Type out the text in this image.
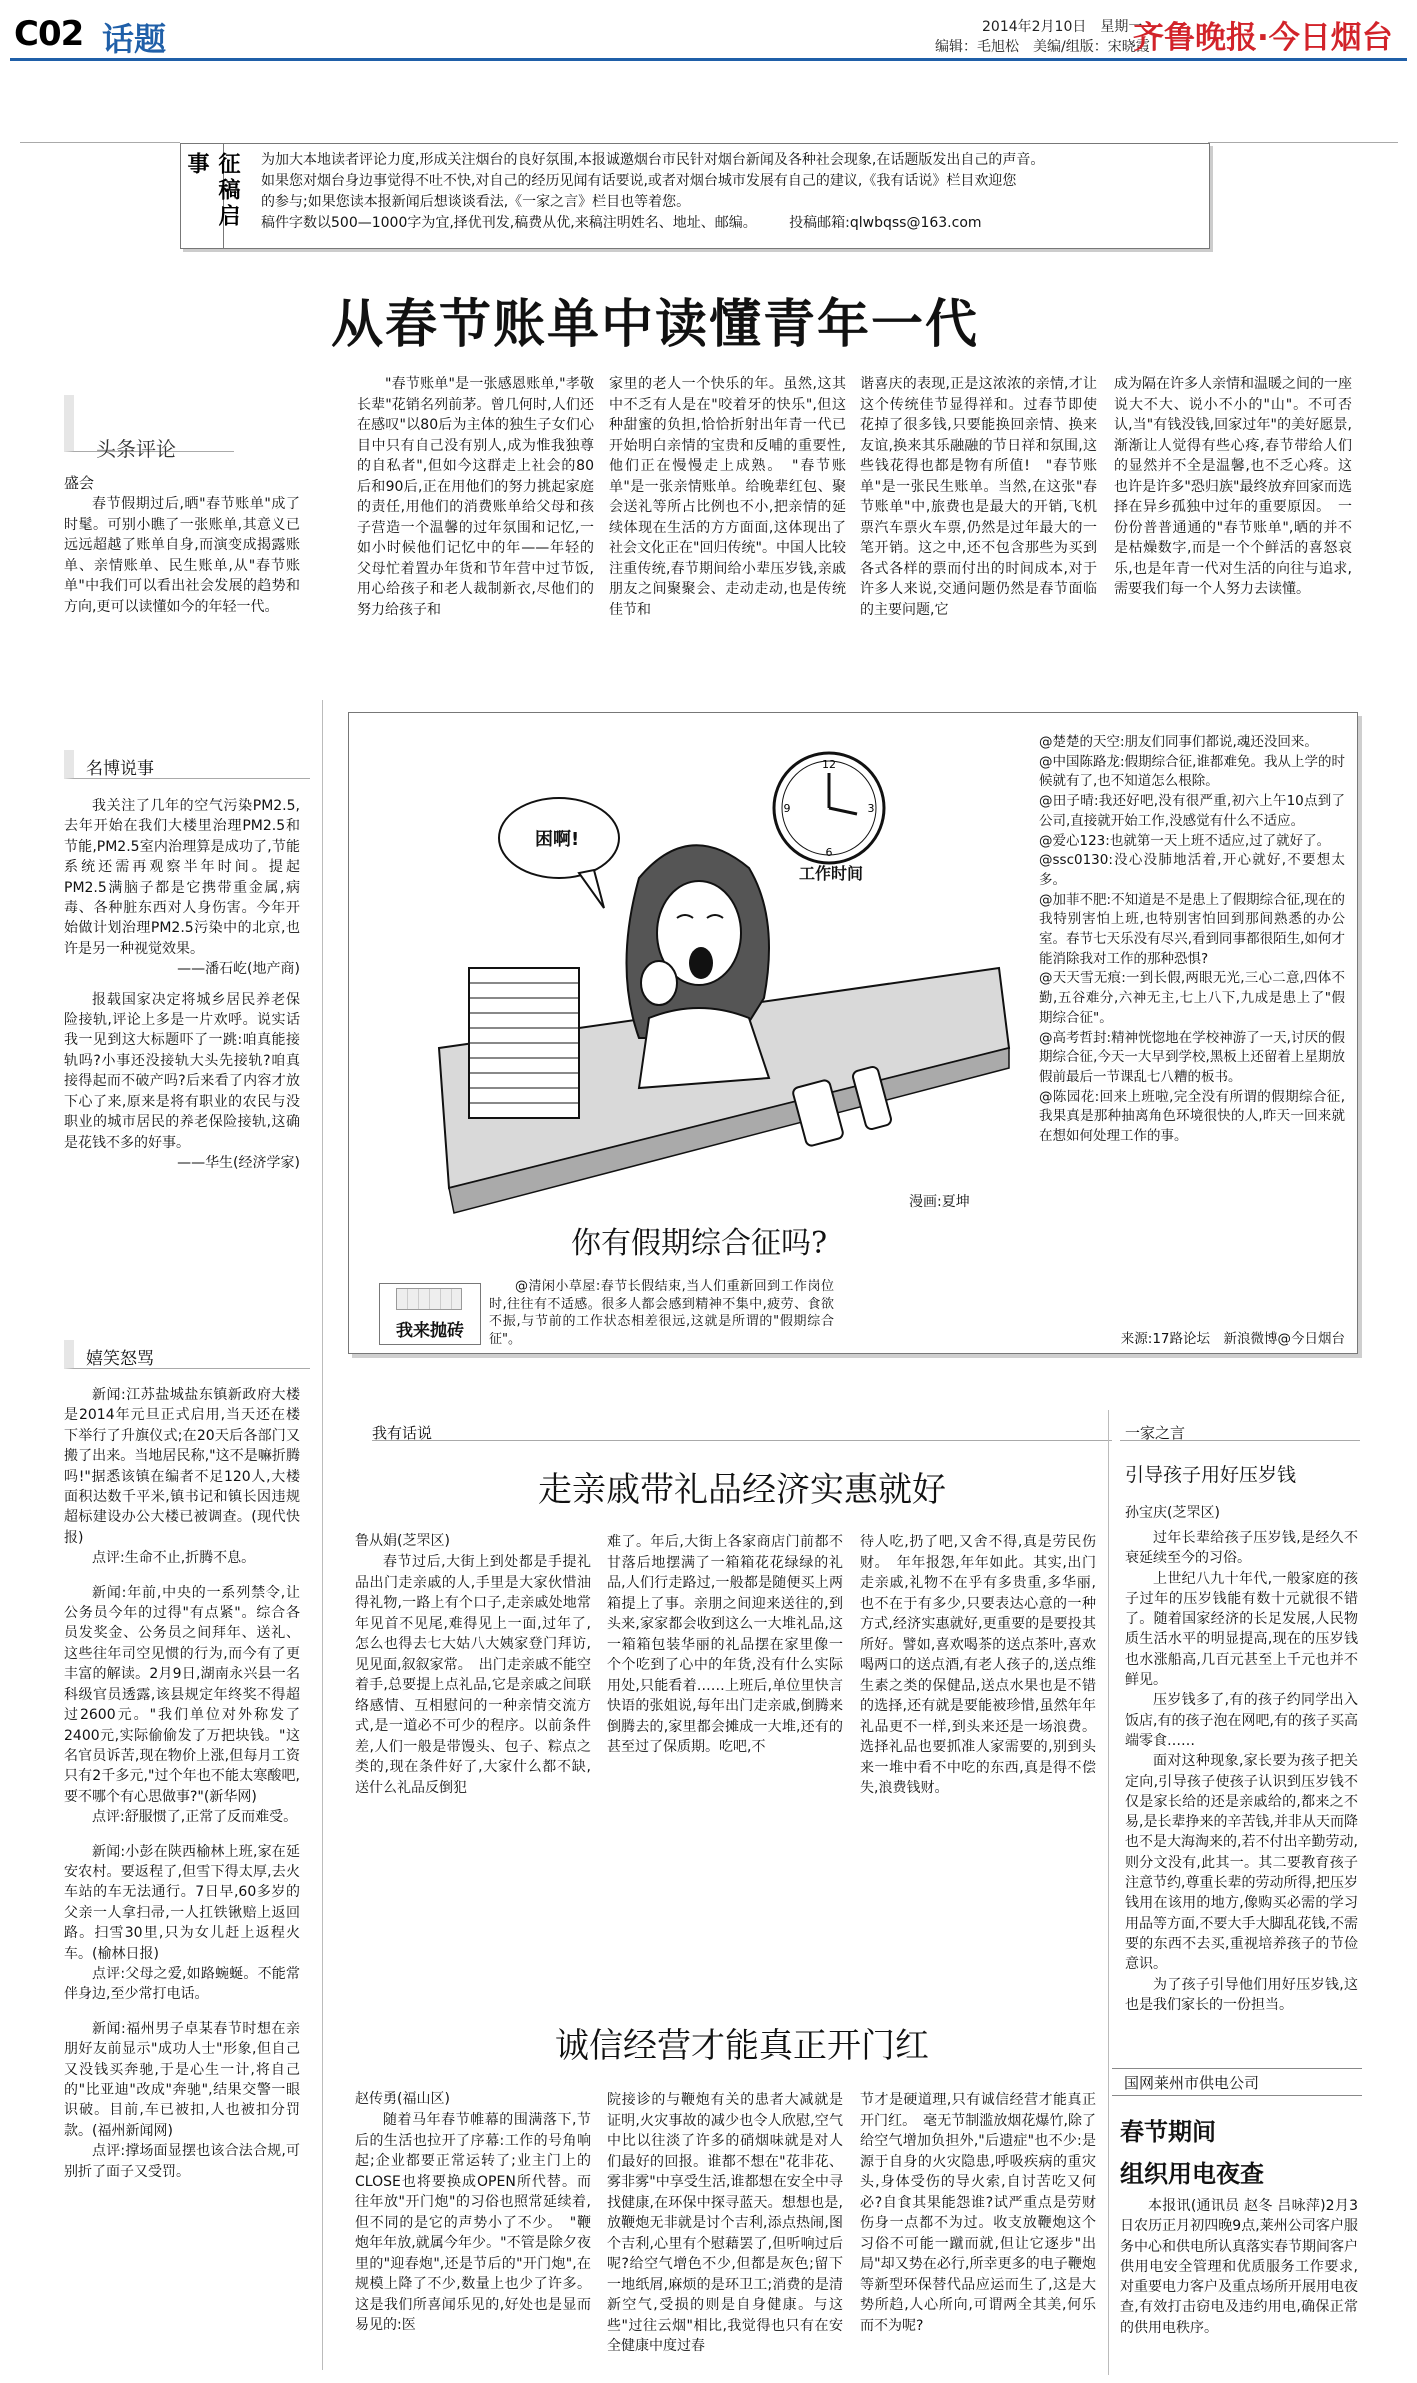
C02 话题	2014年2月10日　星期一
编辑：毛旭松　美编/组版：宋晓霞
齐鲁晚报·今日烟台
征稿启事	为加大本地读者评论力度,形成关注烟台的良好氛围,本报诚邀烟台市民针对烟台新闻及各种社会现象,在话题版发出自己的声音。
如果您对烟台身边事觉得不吐不快,对自己的经历见闻有话要说,或者对烟台城市发展有自己的建议,《我有话说》栏目欢迎您
的参与;如果您读本报新闻后想谈谈看法,《一家之言》栏目也等着您。
稿件字数以500—1000字为宜,择优刊发,稿费从优,来稿注明姓名、地址、邮编。 投稿邮箱:qlwbqss@163.com
从春节账单中读懂青年一代
头条评论
盛会

春节假期过后,晒"春节账单"成了时髦。可别小瞧了一张账单,其意义已远远超越了账单自身,而演变成揭露账单、亲情账单、民生账单,从"春节账单"中我们可以看出社会发展的趋势和方向,更可以读懂如今的年轻一代。

"春节账单"是一张感恩账单,"孝敬长辈"花销名列前茅。曾几何时,人们还在感叹"以80后为主体的独生子女们心目中只有自己没有别人,成为惟我独尊的自私者",但如今这群走上社会的80后和90后,正在用他们的努力挑起家庭的责任,用他们的消费账单给父母和孩子营造一个温馨的过年氛围和记忆,一如小时候他们记忆中的年——年轻的父母忙着置办年货和节年营中过节饭,用心给孩子和老人裁制新衣,尽他们的努力给孩子和

家里的老人一个快乐的年。虽然,这其中不乏有人是在"咬着牙的快乐",但这种甜蜜的负担,恰恰折射出年青一代已开始明白亲情的宝贵和反哺的重要性,他们正在慢慢走上成熟。　"春节账单"是一张亲情账单。给晚辈红包、聚会送礼等所占比例也不小,把亲情的延续体现在生活的方方面面,这体现出了社会文化正在"回归传统"。中国人比较注重传统,春节期间给小辈压岁钱,亲戚朋友之间聚聚会、走动走动,也是传统佳节和

谐喜庆的表现,正是这浓浓的亲情,才让这个传统佳节显得祥和。过春节即使花掉了很多钱,只要能换回亲情、换来友谊,换来其乐融融的节日祥和氛围,这些钱花得也都是物有所值!　"春节账单"是一张民生账单。当然,在这张"春节账单"中,旅费也是最大的开销,飞机票汽车票火车票,仍然是过年最大的一笔开销。这之中,还不包含那些为买到各式各样的票而付出的时间成本,对于许多人来说,交通问题仍然是春节面临的主要问题,它

成为隔在许多人亲情和温暖之间的一座说大不大、说小不小的"山"。不可否认,当"有钱没钱,回家过年"的美好愿景,渐渐让人觉得有些心疼,春节带给人们的显然并不全是温馨,也不乏心疼。这也许是许多"恐归族"最终放弃回家而选择在异乡孤独中过年的重要原因。　一份份普普通通的"春节账单",晒的并不是枯燥数字,而是一个个鲜活的喜怒哀乐,也是年青一代对生活的向往与追求,需要我们每一个人努力去读懂。

名博说事

我关注了几年的空气污染PM2.5,去年开始在我们大楼里治理PM2.5和节能,PM2.5室内治理算是成功了,节能系统还需再观察半年时间。提起PM2.5满脑子都是它携带重金属,病毒、各种脏东西对人身伤害。今年开始做计划治理PM2.5污染中的北京,也许是另一种视觉效果。

——潘石屹(地产商)

报载国家决定将城乡居民养老保险接轨,评论上多是一片欢呼。说实话我一见到这大标题吓了一跳:咱真能接轨吗?小事还没接轨大头先接轨?咱真接得起而不破产吗?后来看了内容才放下心了来,原来是将有职业的农民与没职业的城市居民的养老保险接轨,这确是花钱不多的好事。

——华生(经济学家)
嬉笑怒骂

新闻:江苏盐城盐东镇新政府大楼是2014年元旦正式启用,当天还在楼下举行了升旗仪式;在20天后各部门又搬了出来。当地居民称,"这不是嘛折腾吗!"据悉该镇在编者不足120人,大楼面积达数千平米,镇书记和镇长因违规超标建设办公大楼已被调查。(现代快报)

点评:生命不止,折腾不息。

新闻:年前,中央的一系列禁令,让公务员今年的过得"有点紧"。综合各员发奖金、公务员之间拜年、送礼、这些往年司空见惯的行为,而今有了更丰富的解读。2月9日,湖南永兴县一名科级官员透露,该县规定年终奖不得超过2600元。"我们单位对外称发了2400元,实际偷偷发了万把块钱。"这名官员诉苦,现在物价上涨,但每月工资只有2千多元,"过个年也不能太寒酸吧,要不哪个有心思做事?"(新华网)

点评:舒服惯了,正常了反而难受。

新闻:小彭在陕西榆林上班,家在延安农村。要返程了,但雪下得太厚,去火车站的车无法通行。7日早,60多岁的父亲一人拿扫帚,一人扛铁锹赔上返回路。扫雪30里,只为女儿赶上返程火车。(榆林日报)

点评:父母之爱,如路蜿蜒。不能常伴身边,至少常打电话。

新闻:福州男子卓某春节时想在亲朋好友前显示"成功人士"形象,但自己又没钱买奔驰,于是心生一计,将自己的"比亚迪"改成"奔驰",结果交警一眼识破。目前,车已被扣,人也被扣分罚款。(福州新闻网)

点评:撑场面显摆也该合法合规,可别折了面子又受罚。

12
3
6
9
困啊!
工作时间
漫画:夏坤
你有假期综合征吗?
我来抛砖

@清闲小草屋:春节长假结束,当人们重新回到工作岗位时,往往有不适感。很多人都会感到精神不集中,疲劳、食欲不振,与节前的工作状态相差很远,这就是所谓的"假期综合征"。

@楚楚的天空:朋友们同事们都说,魂还没回来。

@中国陈路龙:假期综合征,谁都难免。我从上学的时候就有了,也不知道怎么根除。

@田子晴:我还好吧,没有很严重,初六上午10点到了公司,直接就开始工作,没感觉有什么不适应。

@爱心123:也就第一天上班不适应,过了就好了。

@ssc0130:没心没肺地活着,开心就好,不要想太多。

@加菲不肥:不知道是不是患上了假期综合征,现在的我特别害怕上班,也特别害怕回到那间熟悉的办公室。春节七天乐没有尽兴,看到同事都很陌生,如何才能消除我对工作的那种恐惧?

@天天雪无痕:一到长假,两眼无光,三心二意,四体不勤,五谷难分,六神无主,七上八下,九成是患上了"假期综合征"。

@高考哲封:精神恍惚地在学校神游了一天,讨厌的假期综合征,今天一大早到学校,黑板上还留着上星期放假前最后一节课乱七八糟的板书。

@陈园花:回来上班啦,完全没有所谓的假期综合征,我果真是那种抽离角色环境很快的人,昨天一回来就在想如何处理工作的事。

来源:17路论坛　新浪微博@今日烟台
我有话说
走亲戚带礼品经济实惠就好
鲁从娟(芝罘区)

春节过后,大街上到处都是手提礼品出门走亲戚的人,手里是大家伙惜油得礼物,一路上有个口子,走亲戚处地常年见首不见尾,难得见上一面,过年了,怎么也得去七大姑八大姨家登门拜访,见见面,叙叙家常。　出门走亲戚不能空着手,总要提上点礼品,它是亲戚之间联络感情、互相慰问的一种亲情交流方式,是一道必不可少的程序。以前条件差,人们一般是带馒头、包子、粽点之类的,现在条件好了,大家什么都不缺,送什么礼品反倒犯

难了。年后,大街上各家商店门前都不甘落后地摆满了一箱箱花花绿绿的礼品,人们行走路过,一般都是随便买上两箱提上了事。亲朋之间迎来送往的,到头来,家家都会收到这么一大堆礼品,这一箱箱包装华丽的礼品摆在家里像一个个吃到了心中的年货,没有什么实际用处,只能看着……上班后,单位里快言快语的张姐说,每年出门走亲戚,倒腾来倒腾去的,家里都会摊成一大堆,还有的甚至过了保质期。吃吧,不

待人吃,扔了吧,又舍不得,真是劳民伤财。　年年报怨,年年如此。其实,出门走亲戚,礼物不在乎有多贵重,多华丽,也不在于有多少,只要表达心意的一种方式,经济实惠就好,更重要的是要投其所好。譬如,喜欢喝茶的送点茶叶,喜欢喝两口的送点酒,有老人孩子的,送点维生素之类的保健品,送点水果也是不错的选择,还有就是要能被珍惜,虽然年年礼品更不一样,到头来还是一场浪费。选择礼品也要抓准人家需要的,别到头来一堆中看不中吃的东西,真是得不偿失,浪费钱财。

诚信经营才能真正开门红
赵传勇(福山区)

随着马年春节帷幕的围满落下,节后的生活也拉开了序幕:工作的号角响起;企业都要正常运转了;业主门上的CLOSE也将要换成OPEN所代替。而往年放"开门炮"的习俗也照常延续着,但不同的是它的声势小了不少。　"鞭炮年年放,就属今年少。"不管是除夕夜里的"迎春炮",还是节后的"开门炮",在规模上降了不少,数量上也少了许多。这是我们所喜闻乐见的,好处也是显而易见的:医

院接诊的与鞭炮有关的患者大减就是证明,火灾事故的减少也令人欣慰,空气中比以往淡了许多的硝烟味就是对人们最好的回报。谁都不想在"花非花、雾非雾"中享受生活,谁都想在安全中寻找健康,在环保中探寻蓝天。想想也是,放鞭炮无非就是讨个吉利,添点热闹,图个吉利,心里有个慰藉罢了,但听响过后呢?给空气增色不少,但都是灰色;留下一地纸屑,麻烦的是环卫工;消费的是清新空气,受损的则是自身健康。与这些"过往云烟"相比,我觉得也只有在安全健康中度过春

节才是硬道理,只有诚信经营才能真正开门红。　毫无节制滥放烟花爆竹,除了给空气增加负担外,"后遗症"也不少:是源于自身的火灾隐患,呼吸疾病的重灾头,身体受伤的导火索,自讨苦吃又何必?自食其果能怨谁?试严重点是劳财伤身一点都不为过。收支放鞭炮这个习俗不可能一蹴而就,但让它逐步"出局"却又势在必行,所幸更多的电子鞭炮等新型环保替代品应运而生了,这是大势所趋,人心所向,可谓两全其美,何乐而不为呢?

一家之言
引导孩子用好压岁钱
孙宝庆(芝罘区)

过年长辈给孩子压岁钱,是经久不衰延续至今的习俗。

上世纪八九十年代,一般家庭的孩子过年的压岁钱能有数十元就很不错了。随着国家经济的长足发展,人民物质生活水平的明显提高,现在的压岁钱也水涨船高,几百元甚至上千元也并不鲜见。

压岁钱多了,有的孩子约同学出入饭店,有的孩子泡在网吧,有的孩子买高端零食……

面对这种现象,家长要为孩子把关定向,引导孩子使孩子认识到压岁钱不仅是家长给的还是亲戚给的,都来之不易,是长辈挣来的辛苦钱,并非从天而降也不是大海淘来的,若不付出辛勤劳动,则分文没有,此其一。其二要教育孩子注意节约,尊重长辈的劳动所得,把压岁钱用在该用的地方,像购买必需的学习用品等方面,不要大手大脚乱花钱,不需要的东西不去买,重视培养孩子的节俭意识。

为了孩子引导他们用好压岁钱,这也是我们家长的一份担当。

国网莱州市供电公司
春节期间
组织用电夜查

本报讯(通讯员 赵冬 吕咏萍)2月3日农历正月初四晚9点,莱州公司客户服务中心和供电所认真落实春节期间客户供用电安全管理和优质服务工作要求,对重要电力客户及重点场所开展用电夜查,有效打击窃电及违约用电,确保正常的供用电秩序。
